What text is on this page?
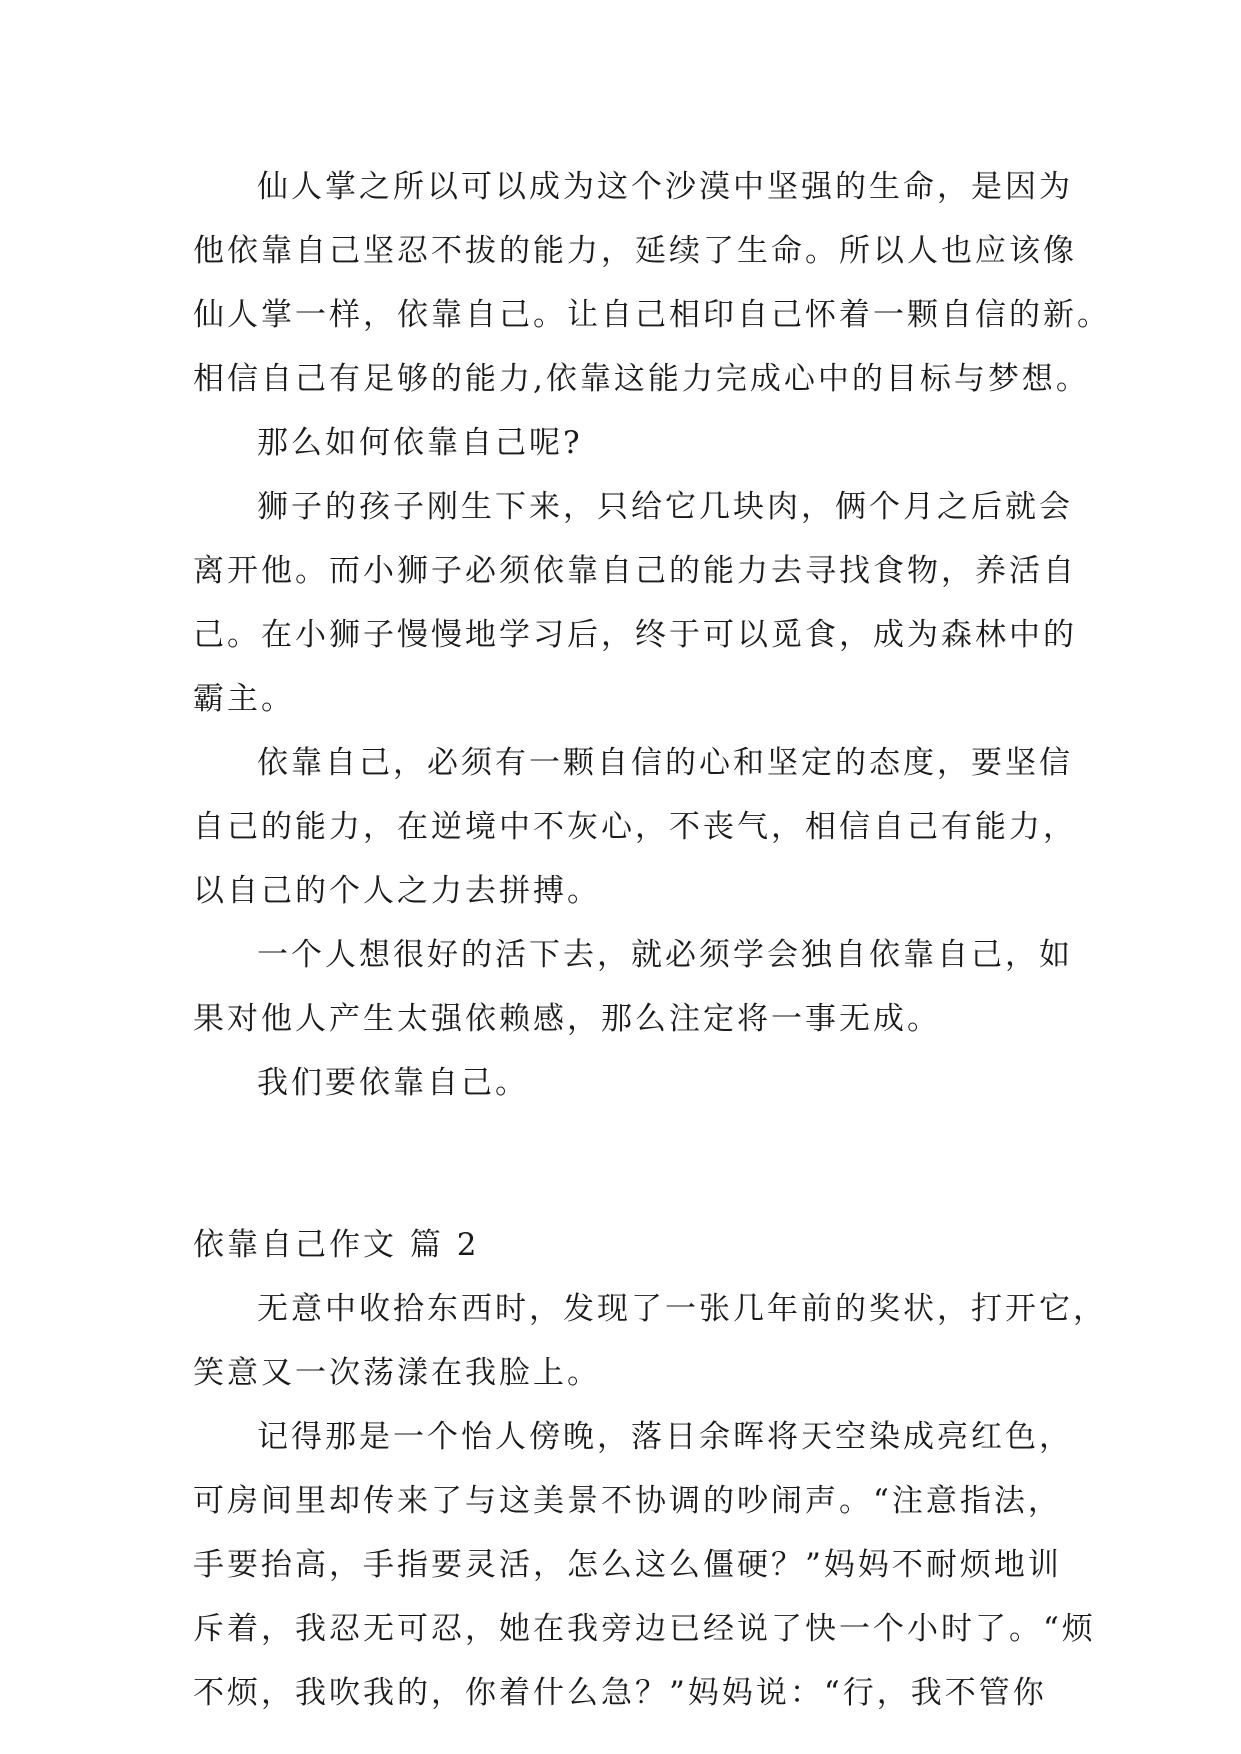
仙人掌之所以可以成为这个沙漠中坚强的生命，是因为
他依靠自己坚忍不拔的能力，延续了生命。所以人也应该像
仙人掌一样，依靠自己。让自己相印自己怀着一颗自信的新。
相信自己有足够的能力,依靠这能力完成心中的目标与梦想。
那么如何依靠自己呢?
狮子的孩子刚生下来，只给它几块肉，俩个月之后就会
离开他。而小狮子必须依靠自己的能力去寻找食物，养活自
己。在小狮子慢慢地学习后，终于可以觅食，成为森林中的
霸主。
依靠自己，必须有一颗自信的心和坚定的态度，要坚信
自己的能力，在逆境中不灰心，不丧气，相信自己有能力，
以自己的个人之力去拼搏。
一个人想很好的活下去，就必须学会独自依靠自己，如
果对他人产生太强依赖感，那么注定将一事无成。
我们要依靠自己。
依靠自己作文 篇 2
无意中收拾东西时，发现了一张几年前的奖状，打开它，
笑意又一次荡漾在我脸上。
记得那是一个怡人傍晚，落日余晖将天空染成亮红色，
可房间里却传来了与这美景不协调的吵闹声。“注意指法，
手要抬高，手指要灵活，怎么这么僵硬？”妈妈不耐烦地训
斥着，我忍无可忍，她在我旁边已经说了快一个小时了。“烦
不烦，我吹我的，你着什么急？”妈妈说：“行，我不管你
